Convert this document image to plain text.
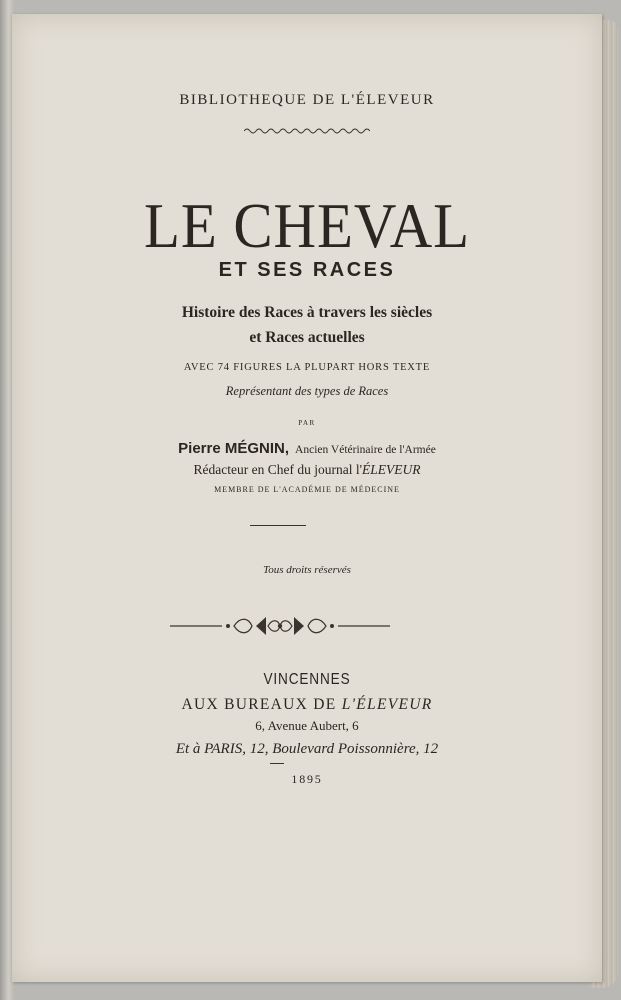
BIBLIOTHEQUE DE L'ÉLEVEUR
LE CHEVAL
ET SES RACES
Histoire des Races à travers les siècles
et Races actuelles
AVEC 74 FIGURES LA PLUPART HORS TEXTE
Représentant des types de Races
PAR
Pierre MÉGNIN, Ancien Vétérinaire de l'Armée
Rédacteur en Chef du journal l'ÉLEVEUR
MEMBRE DE L'ACADÉMIE DE MÉDECINE
Tous droits réservés
VINCENNES
AUX BUREAUX DE L'ÉLEVEUR
6, Avenue Aubert, 6
Et à PARIS, 12, Boulevard Poissonnière, 12
1895
